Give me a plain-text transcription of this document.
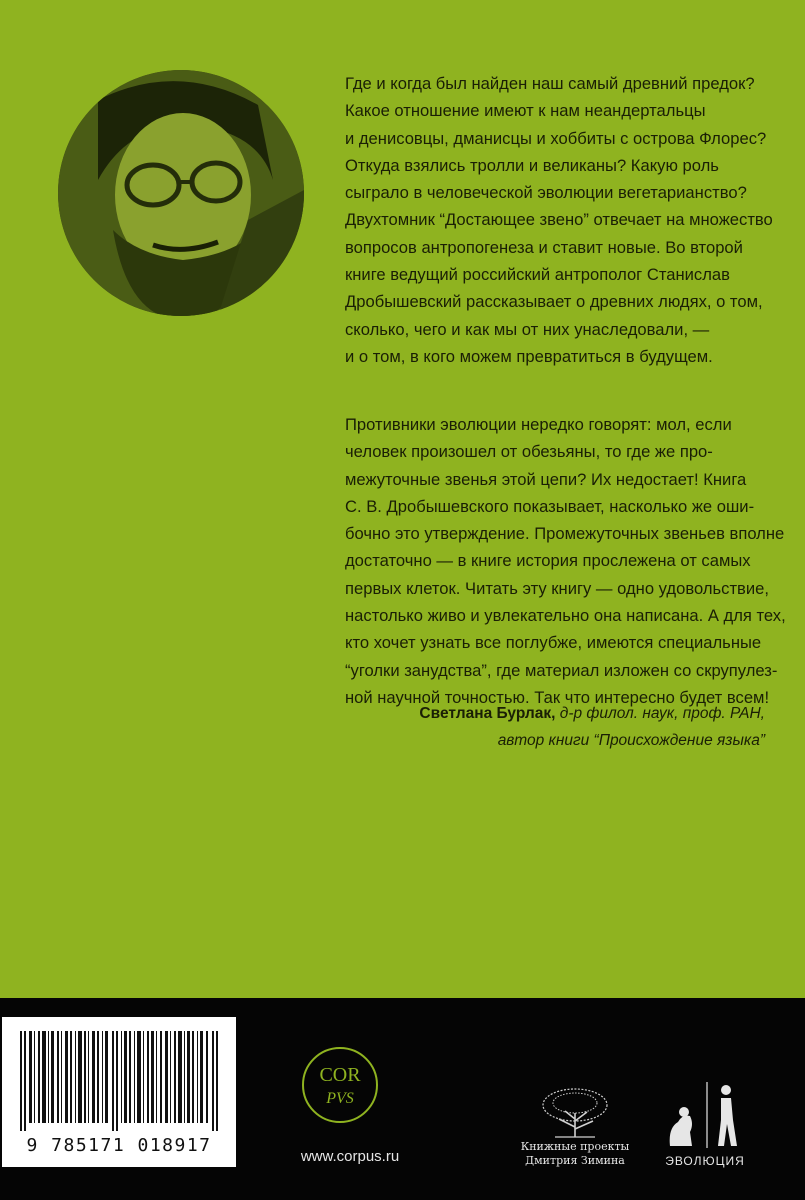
Где и когда был найден наш самый древний предок?
Какое отношение имеют к нам неандертальцы
и денисовцы, дманисцы и хоббиты с острова Флорес?
Откуда взялись тролли и великаны? Какую роль
сыграло в человеческой эволюции вегетарианство?
Двухтомник “Достающее звено” отвечает на множество
вопросов антропогенеза и ставит новые. Во второй
книге ведущий российский антрополог Станислав
Дробышевский рассказывает о древних людях, о том,
сколько, чего и как мы от них унаследовали, —
и о том, в кого можем превратиться в будущем.
Противники эволюции нередко говорят: мол, если
человек произошел от обезьяны, то где же про-
межуточные звенья этой цепи? Их недостает! Книга
С. В. Дробышевского показывает, насколько же оши-
бочно это утверждение. Промежуточных звеньев вполне
достаточно — в книге история прослежена от самых
первых клеток. Читать эту книгу — одно удовольствие,
настолько живо и увлекательно она написана. А для тех,
кто хочет узнать все поглубже, имеются специальные
“уголки занудства”, где материал изложен со скрупулез-
ной научной точностью. Так что интересно будет всем!
Светлана Бурлак, д-р филол. наук, проф. РАН,
автор книги “Происхождение языка”
9 785171 018917
COR
PVS
www.corpus.ru
Книжные проекты
Дмитрия Зимина	ЭВОЛЮЦИЯ
